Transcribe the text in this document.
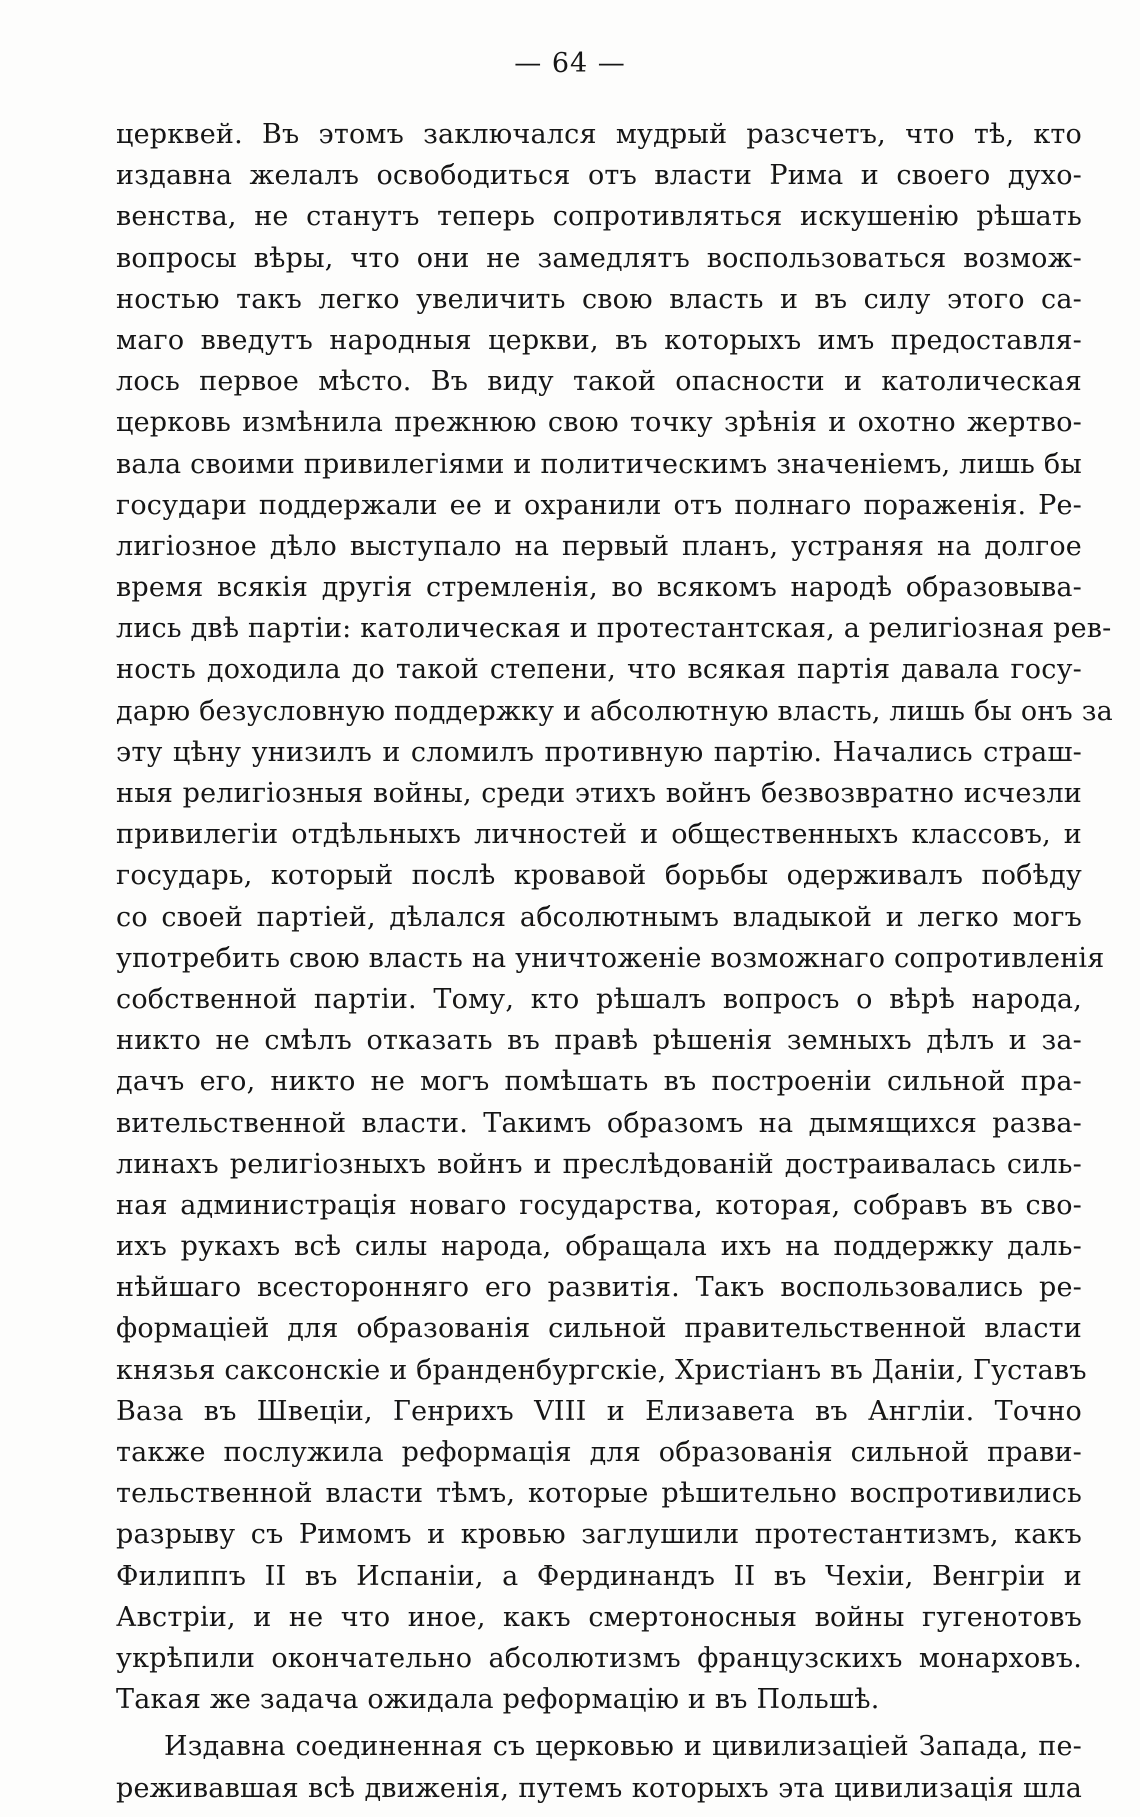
— 64 —
церквей. Въ этомъ заключался мудрый разсчетъ, что тѣ, кто
издавна желалъ освободиться отъ власти Рима и своего духо-
венства, не станутъ теперь сопротивляться искушенію рѣшать
вопросы вѣры, что они не замедлятъ воспользоваться возмож-
ностью такъ легко увеличить свою власть и въ силу этого са-
маго введутъ народныя церкви, въ которыхъ имъ предоставля-
лось первое мѣсто. Въ виду такой опасности и католическая
церковь измѣнила прежнюю свою точку зрѣнія и охотно жертво-
вала своими привилегіями и политическимъ значеніемъ, лишь бы
государи поддержали ее и охранили отъ полнаго пораженія. Ре-
лигіозное дѣло выступало на первый планъ, устраняя на долгое
время всякія другія стремленія, во всякомъ народѣ образовыва-
лись двѣ партіи: католическая и протестантская, а религіозная рев-
ность доходила до такой степени, что всякая партія давала госу-
дарю безусловную поддержку и абсолютную власть, лишь бы онъ за
эту цѣну унизилъ и сломилъ противную партію. Начались страш-
ныя религіозныя войны, среди этихъ войнъ безвозвратно исчезли
привилегіи отдѣльныхъ личностей и общественныхъ классовъ, и
государь, который послѣ кровавой борьбы одерживалъ побѣду
со своей партіей, дѣлался абсолютнымъ владыкой и легко могъ
употребить свою власть на уничтоженіе возможнаго сопротивленія
собственной партіи. Тому, кто рѣшалъ вопросъ о вѣрѣ народа,
никто не смѣлъ отказать въ правѣ рѣшенія земныхъ дѣлъ и за-
дачъ его, никто не могъ помѣшать въ построеніи сильной пра-
вительственной власти. Такимъ образомъ на дымящихся разва-
линахъ религіозныхъ войнъ и преслѣдованій достраивалась силь-
ная администрація новаго государства, которая, собравъ въ сво-
ихъ рукахъ всѣ силы народа, обращала ихъ на поддержку даль-
нѣйшаго всесторонняго его развитія. Такъ воспользовались ре-
формаціей для образованія сильной правительственной власти
князья саксонскіе и бранденбургскіе, Христіанъ въ Даніи, Густавъ
Ваза въ Швеціи, Генрихъ VIII и Елизавета въ Англіи. Точно
также послужила реформація для образованія сильной прави-
тельственной власти тѣмъ, которые рѣшительно воспротивились
разрыву съ Римомъ и кровью заглушили протестантизмъ, какъ
Филиппъ II въ Испаніи, а Фердинандъ II въ Чехіи, Венгріи и
Австріи, и не что иное, какъ смертоносныя войны гугенотовъ
укрѣпили окончательно абсолютизмъ французскихъ монарховъ.
Такая же задача ожидала реформацію и въ Польшѣ.
Издавна соединенная съ церковью и цивилизаціей Запада, пе-
реживавшая всѣ движенія, путемъ которыхъ эта цивилизація шла
